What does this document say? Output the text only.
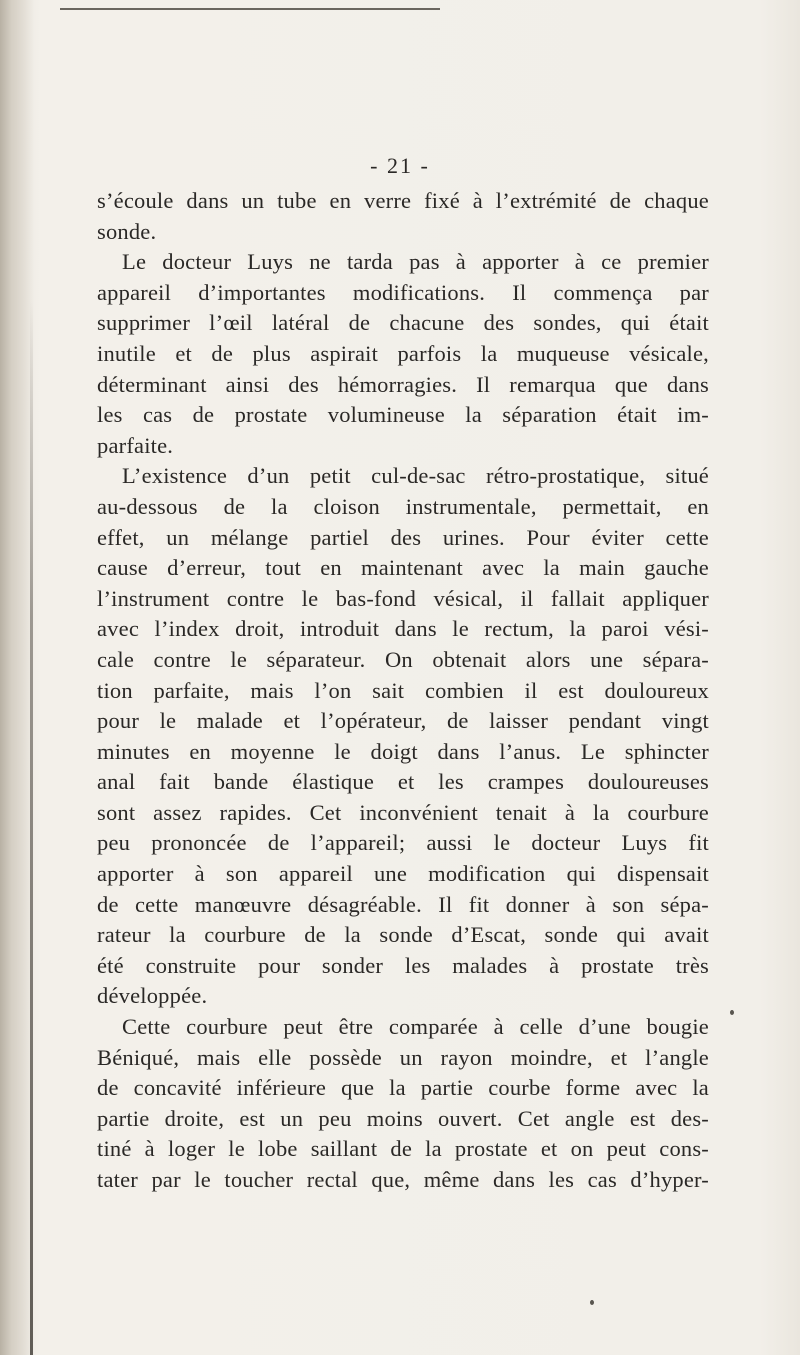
- 21 -
s’écoule dans un tube en verre fixé à l’extrémité de chaque
sonde.
Le docteur Luys ne tarda pas à apporter à ce premier
appareil d’importantes modifications. Il commença par
supprimer l’œil latéral de chacune des sondes, qui était
inutile et de plus aspirait parfois la muqueuse vésicale,
déterminant ainsi des hémorragies. Il remarqua que dans
les cas de prostate volumineuse la séparation était im-
parfaite.
L’existence d’un petit cul-de-sac rétro-prostatique, situé
au-dessous de la cloison instrumentale, permettait, en
effet, un mélange partiel des urines. Pour éviter cette
cause d’erreur, tout en maintenant avec la main gauche
l’instrument contre le bas-fond vésical, il fallait appliquer
avec l’index droit, introduit dans le rectum, la paroi vési-
cale contre le séparateur. On obtenait alors une sépara-
tion parfaite, mais l’on sait combien il est douloureux
pour le malade et l’opérateur, de laisser pendant vingt
minutes en moyenne le doigt dans l’anus. Le sphincter
anal fait bande élastique et les crampes douloureuses
sont assez rapides. Cet inconvénient tenait à la courbure
peu prononcée de l’appareil; aussi le docteur Luys fit
apporter à son appareil une modification qui dispensait
de cette manœuvre désagréable. Il fit donner à son sépa-
rateur la courbure de la sonde d’Escat, sonde qui avait
été construite pour sonder les malades à prostate très
développée.
Cette courbure peut être comparée à celle d’une bougie
Béniqué, mais elle possède un rayon moindre, et l’angle
de concavité inférieure que la partie courbe forme avec la
partie droite, est un peu moins ouvert. Cet angle est des-
tiné à loger le lobe saillant de la prostate et on peut cons-
tater par le toucher rectal que, même dans les cas d’hyper-
